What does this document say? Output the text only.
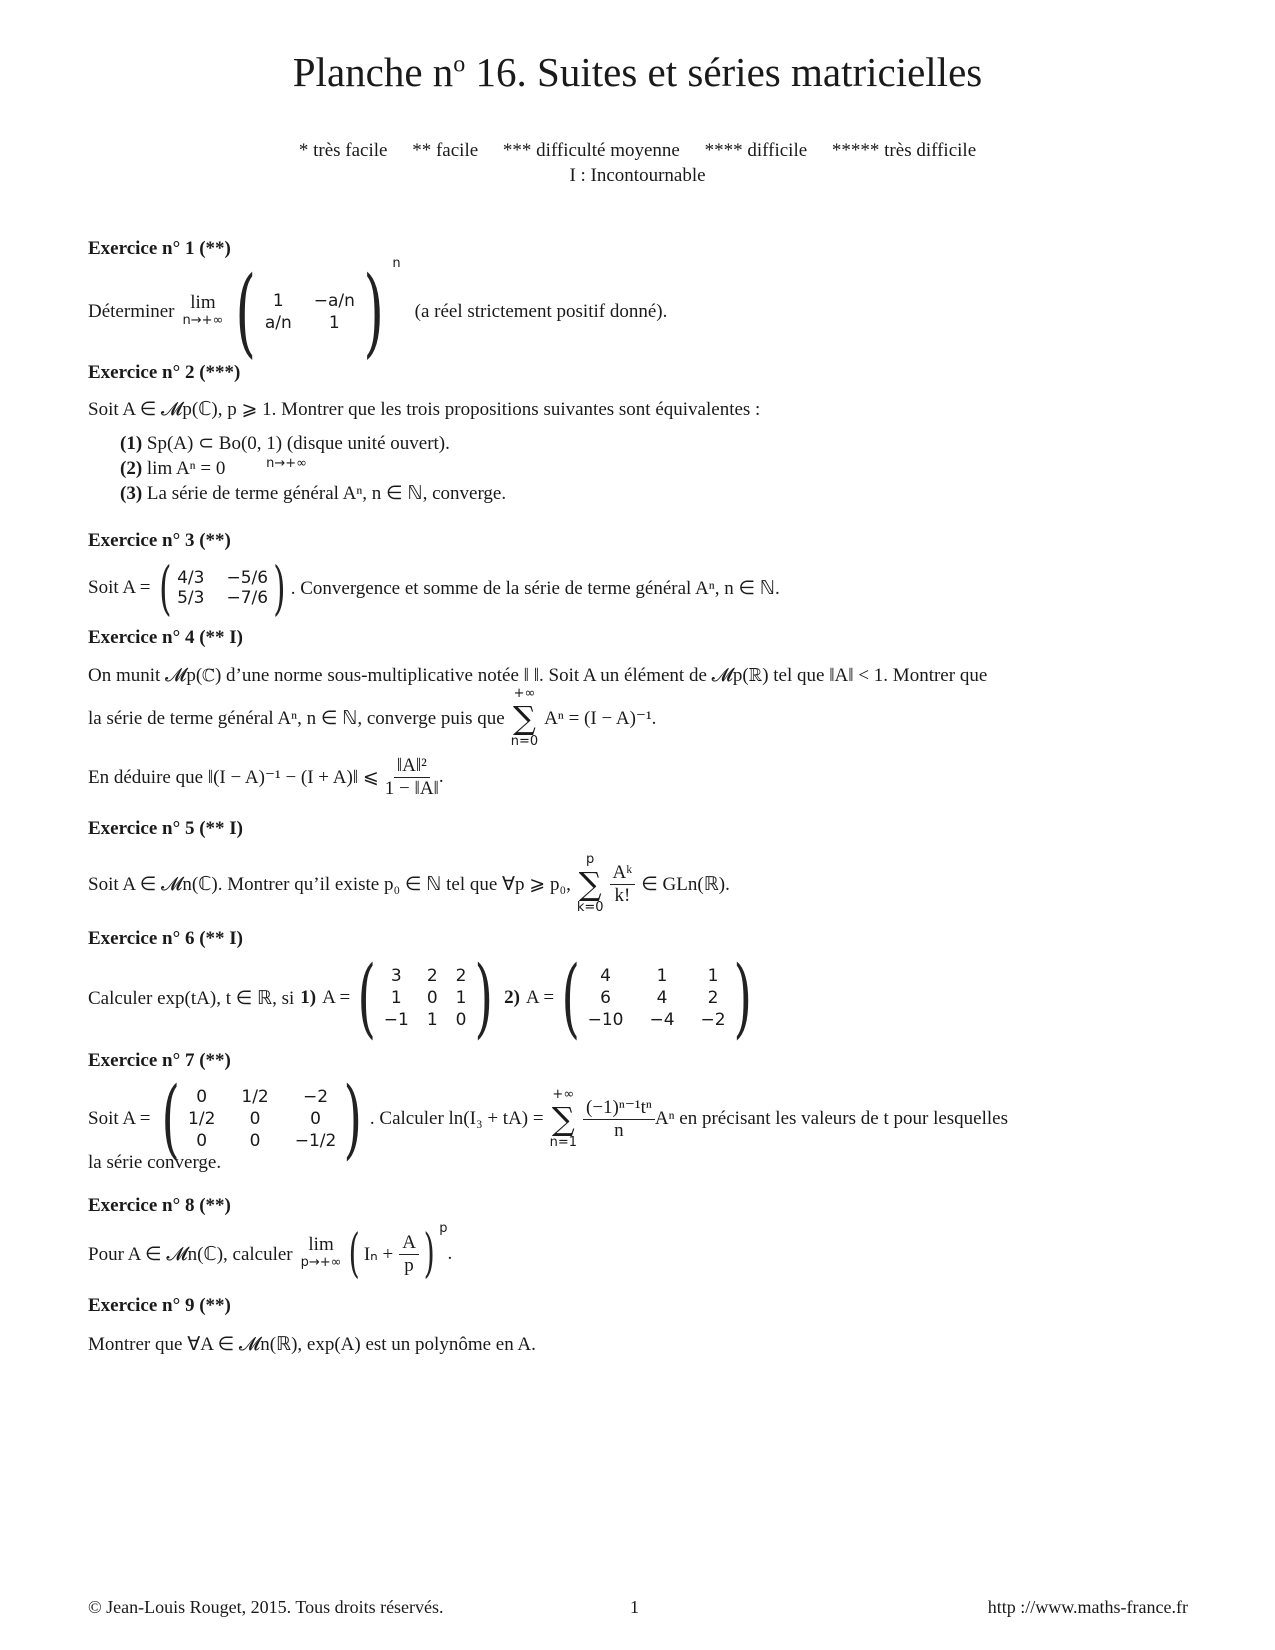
Planche $n^o$ 16. Suites et séries matricielles
* très facile ** facile *** difficulté moyenne **** difficile ***** très difficile
I : Incontournable
Exercice n° 1 (**)
Déterminer lim
n→+∞ ( 1	−a/n
a/n	1 ) $^n$
(a réel strictement positif donné).
Exercice n° 2 (***)
Soit A ∈ 𝓜p(ℂ), p ⩾ 1. Montrer que les trois propositions suivantes sont équivalentes :
(1) Sp(A) ⊂ Bo(0, 1) (disque unité ouvert).
(2) lim Aⁿ = 0	n→+∞
(3) La série de terme général Aⁿ, n ∈ ℕ, converge.
Exercice n° 3 (**)
Soit A = ( 4/3 −5/6
5/3 −7/6 ) . Convergence et somme de la série de terme général Aⁿ, n ∈ ℕ.
Exercice n° 4 (** I)
On munit 𝓜p(ℂ) d’une norme sous-multiplicative notée ‖ ‖. Soit A un élément de 𝓜p(ℝ) tel que ‖A‖ < 1. Montrer que
la série de terme général Aⁿ, n ∈ ℕ, converge puis que
+∞
∑
n=0
Aⁿ = (I − A)⁻¹.
En déduire que ‖(I − A)⁻¹ − (I + A)‖ ⩽ $\frac{\text{‖A‖²}}{1 - ‖A‖}$ .
Exercice n° 5 (** I)
Soit A ∈ 𝓜n(ℂ). Montrer qu’il existe p₀ ∈ ℕ tel que ∀p ⩾ p₀,
p
∑
k=0
$\frac{\text{Aᵏ}}{k!}$ ∈ GLn(ℝ).
Exercice n° 6 (** I)
Calculer exp(tA), t ∈ ℝ, si 1) A = ( 3	2 2
1	0 1
−1 1 0 ) 2) A = (	4	1	1
6	4	2
−10 −4 −2 )
Exercice n° 7 (**)
Soit A = ( 0	1/2	−2
1/2	0	0
0	0	−1/2 ) . Calculer ln(I₃ + tA) =
+∞
∑
n=1
$\frac{\text{(−1)ⁿ⁻¹tⁿ}}{n}$ Aⁿ en précisant les valeurs de t pour lesquelles
la série converge.
Exercice n° 8 (**)
Pour A ∈ 𝓜n(ℂ), calculer lim
p→+∞ ( $I_n + \frac{A}{p}$ ) $^p$
.
Exercice n° 9 (**)
Montrer que ∀A ∈ 𝓜n(ℝ), exp(A) est un polynôme en A.
© Jean-Louis Rouget, 2015. Tous droits réservés.	1	http ://www.maths-france.fr
